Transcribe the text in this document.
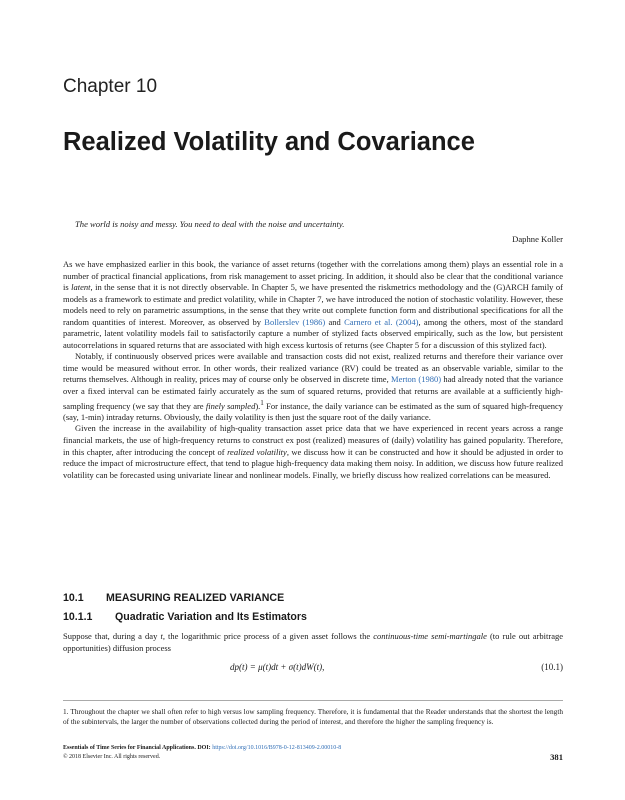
Chapter 10
Realized Volatility and Covariance
The world is noisy and messy. You need to deal with the noise and uncertainty.
Daphne Koller

As we have emphasized earlier in this book, the variance of asset returns (together with the correlations among them) plays an essential role in a number of practical financial applications, from risk management to asset pricing. In addition, it should also be clear that the conditional variance is latent, in the sense that it is not directly observable. In Chapter 5, we have presented the riskmetrics methodology and the (G)ARCH family of models as a framework to estimate and predict volatility, while in Chapter 7, we have introduced the notion of stochastic volatility. However, these models need to rely on parametric assumptions, in the sense that they write out complete function form and distributional specifications for all the random quantities of interest. Moreover, as observed by Bollerslev (1986) and Carnero et al. (2004), among the others, most of the standard parametric, latent volatility models fail to satisfactorily capture a number of stylized facts observed empirically, such as the low, but persistent autocorrelations in squared returns that are associated with high excess kurtosis of returns (see Chapter 5 for a discussion of this stylized fact).

Notably, if continuously observed prices were available and transaction costs did not exist, realized returns and therefore their variance over time would be measured without error. In other words, their realized variance (RV) could be treated as an observable variable, similar to the returns themselves. Although in reality, prices may of course only be observed in discrete time, Merton (1980) had already noted that the variance over a fixed interval can be estimated fairly accurately as the sum of squared returns, provided that returns are available at a sufficiently high-sampling frequency (we say that they are finely sampled).$^1$ For instance, the daily variance can be estimated as the sum of squared high-frequency (say, 1-min) intraday returns. Obviously, the daily volatility is then just the square root of the daily variance.

Given the increase in the availability of high-quality transaction asset price data that we have experienced in recent years across a range financial markets, the use of high-frequency returns to construct ex post (realized) measures of (daily) volatility has gained popularity. Therefore, in this chapter, after introducing the concept of realized volatility, we discuss how it can be constructed and how it should be adjusted in order to reduce the impact of microstructure effect, that tend to plague high-frequency data making them noisy. In addition, we discuss how future realized volatility can be forecasted using univariate linear and nonlinear models. Finally, we briefly discuss how realized correlations can be measured.

10.1 MEASURING REALIZED VARIANCE
10.1.1 Quadratic Variation and Its Estimators
Suppose that, during a day t, the logarithmic price process of a given asset follows the continuous-time semi-martingale (to rule out arbitrage opportunities) diffusion process
dp(t) = μ(t)dt + σ(t)dW(t),	(10.1)
1. Throughout the chapter we shall often refer to high versus low sampling frequency. Therefore, it is fundamental that the Reader understands that the shortest the length of the subintervals, the larger the number of observations collected during the period of interest, and therefore the higher the sampling frequency is.
Essentials of Time Series for Financial Applications. DOI: https://doi.org/10.1016/B978-0-12-813409-2.00010-8
© 2018 Elsevier Inc. All rights reserved.	381
